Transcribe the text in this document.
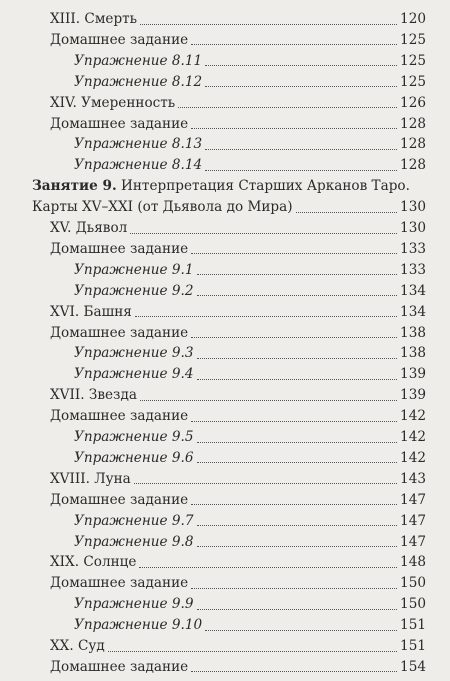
XIII. Смерть	120
Домашнее задание	125
Упражнение 8.11	125
Упражнение 8.12	125
XIV. Умеренность	126
Домашнее задание	128
Упражнение 8.13	128
Упражнение 8.14	128
Занятие 9. Интерпретация Старших Арканов Таро.
Карты XV–XXI (от Дьявола до Мира)	130
XV. Дьявол	130
Домашнее задание	133
Упражнение 9.1	133
Упражнение 9.2	134
XVI. Башня	134
Домашнее задание	138
Упражнение 9.3	138
Упражнение 9.4	139
XVII. Звезда	139
Домашнее задание	142
Упражнение 9.5	142
Упражнение 9.6	142
XVIII. Луна	143
Домашнее задание	147
Упражнение 9.7	147
Упражнение 9.8	147
XIX. Солнце	148
Домашнее задание	150
Упражнение 9.9	150
Упражнение 9.10	151
XX. Суд	151
Домашнее задание	154
